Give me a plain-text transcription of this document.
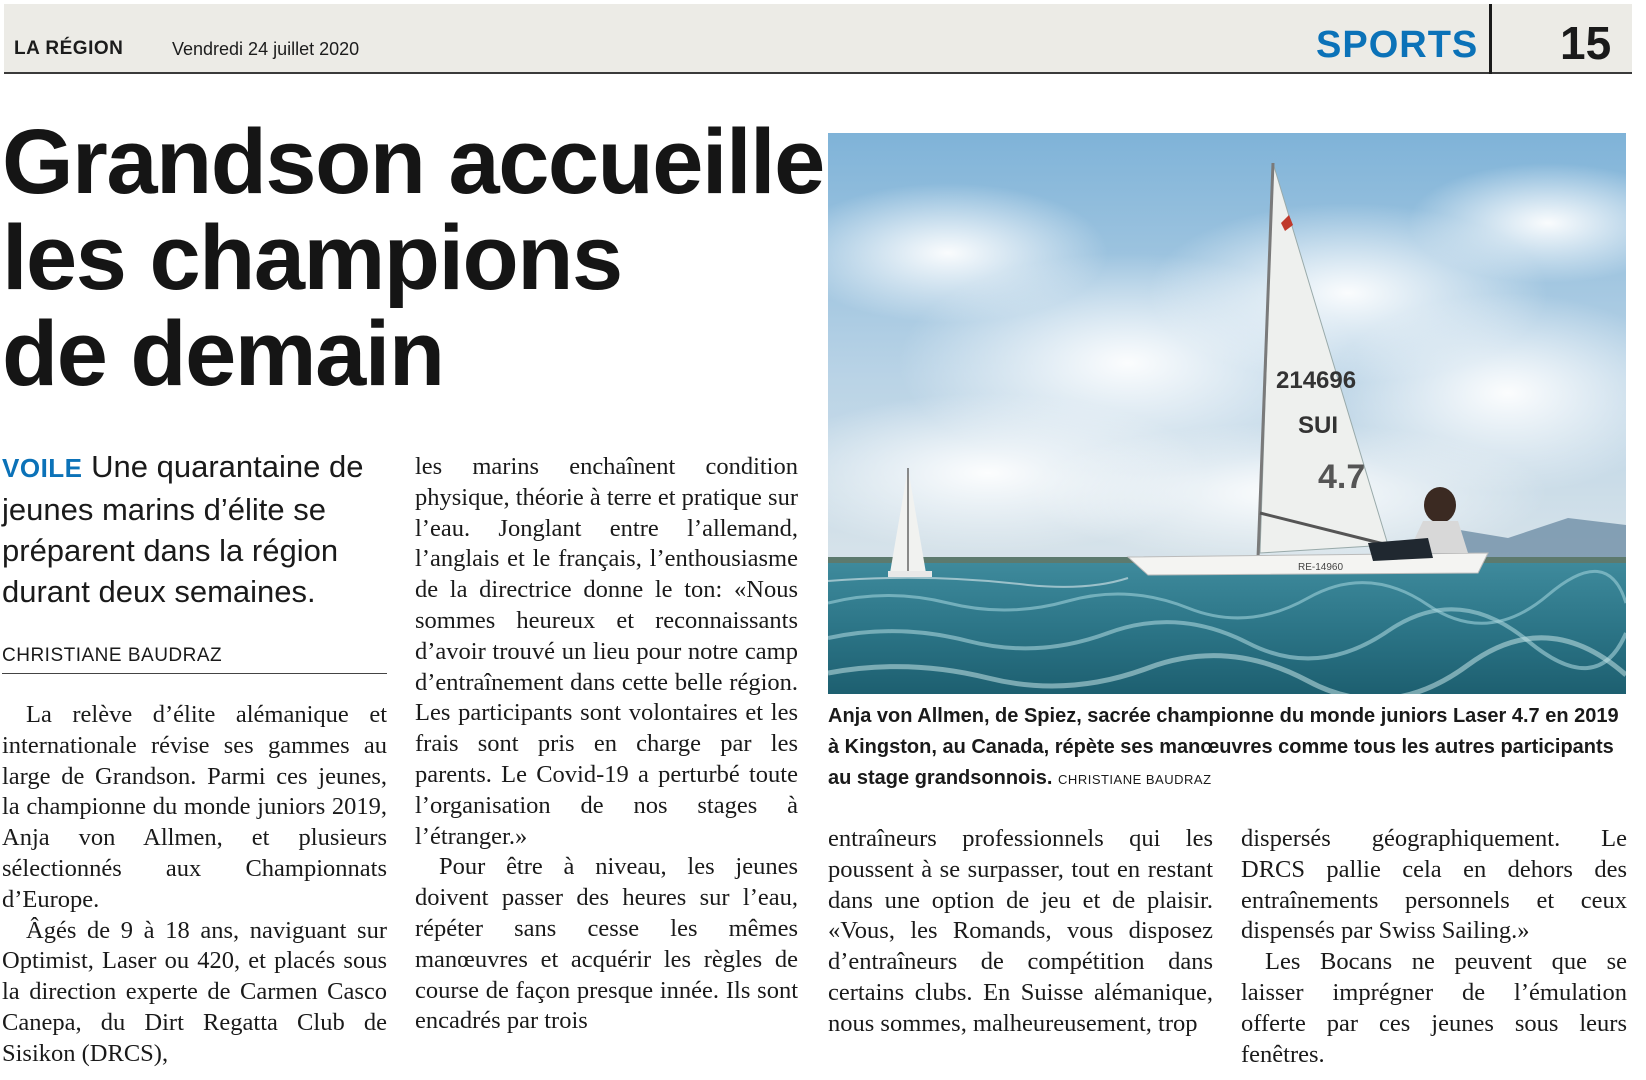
LA RÉGION	Vendredi 24 juillet 2020	SPORTS 15
Grandson accueille
les champions
de demain
VOILE Une quarantaine de jeunes marins d’élite se préparent dans la région durant deux semaines.
CHRISTIANE BAUDRAZ

La relève d’élite alémanique et internationale révise ses gammes au large de Grandson. Parmi ces jeunes, la championne du monde juniors 2019, Anja von Allmen, et plusieurs sélectionnés aux Championnats d’Europe.

Âgés de 9 à 18 ans, naviguant sur Optimist, Laser ou 420, et placés sous la direction experte de Carmen Casco Canepa, du Dirt Regatta Club de Sisikon (DRCS),

les marins enchaînent condition physique, théorie à terre et pratique sur l’eau. Jonglant entre l’allemand, l’anglais et le français, l’enthousiasme de la directrice donne le ton: «Nous sommes heureux et reconnaissants d’avoir trouvé un lieu pour notre camp d’entraînement dans cette belle région. Les participants sont volontaires et les frais sont pris en charge par les parents. Le Covid-19 a perturbé toute l’organisation de nos stages à l’étranger.»

Pour être à niveau, les jeunes doivent passer des heures sur l’eau, répéter sans cesse les mêmes manœuvres et acquérir les règles de course de façon presque innée. Ils sont encadrés par trois

entraîneurs professionnels qui les poussent à se surpasser, tout en restant dans une option de jeu et de plaisir. «Vous, les Romands, vous disposez d’entraîneurs de compétition dans certains clubs. En Suisse alémanique, nous sommes, malheureusement, trop

dispersés géographiquement. Le DRCS pallie cela en dehors des entraînements personnels et ceux dispensés par Swiss Sailing.»

Les Bocans ne peuvent que se laisser imprégner de l’émulation offerte par ces jeunes sous leurs fenêtres.

214696
SUI
4.7
RE-14960
Anja von Allmen, de Spiez, sacrée championne du monde juniors Laser 4.7 en 2019 à Kingston, au Canada, répète ses manœuvres comme tous les autres participants au stage grandsonnois. CHRISTIANE BAUDRAZ
